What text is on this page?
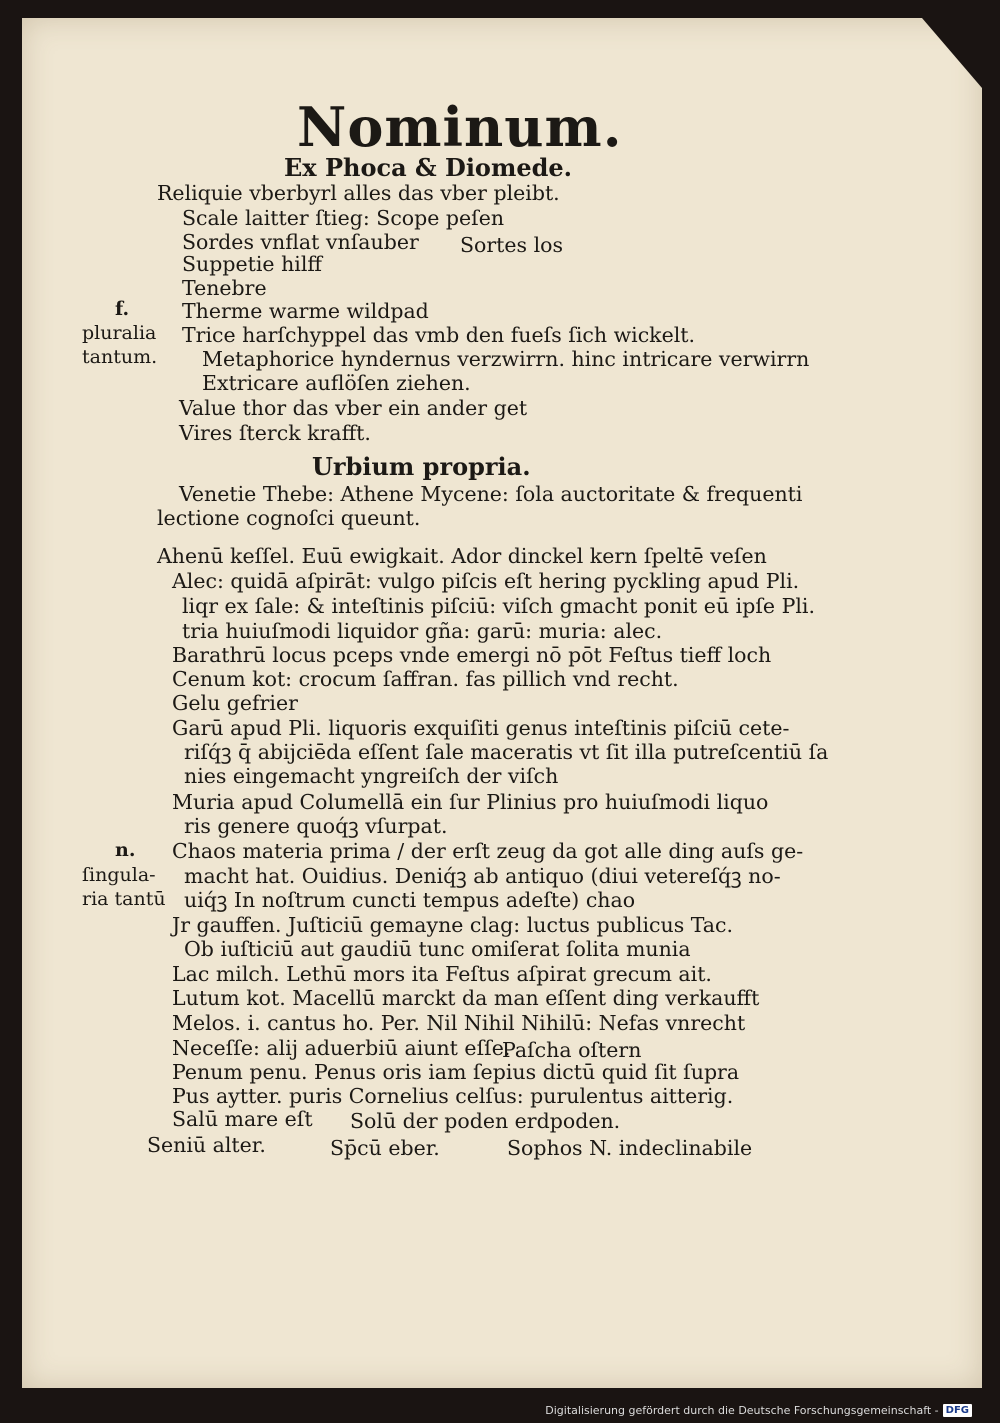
Nominum.
Ex Phoca & Diomede.
Reliquie vberbyrl alles das vber pleibt.
Scale laitter ſtieg: Scope peſen
Sordes vnflat vnſauber Sortes los
Suppetie hilff
Tenebre
f.	Therme warme wildpad
pluralia Trice harſchyppel das vmb den fueſs ſich wickelt.
tantum. Metaphorice hyndernus verzwirrn. hinc intricare verwirrn
Extricare auflöſen ziehen.
Value thor das vber ein ander get
Vires ſterck krafft.
Urbium propria.
Venetie Thebe: Athene Mycene: ſola auctoritate & frequenti
lectione cognoſci queunt.
Ahenū keſſel. Euū ewigkait. Ador dinckel kern ſpeltē veſen
Alec: quidā aſpirāt: vulgo piſcis eſt hering pyckling apud Pli.
liqr ex ſale: & inteſtinis piſciū: viſch gmacht ponit eū ipſe Pli.
tria huiuſmodi liquidor gña: garū: muria: alec.
Barathrū locus pceps vnde emergi nō pōt Feſtus tieff loch
Cenum kot: crocum ſaffran. fas pillich vnd recht.
Gelu gefrier
Garū apud Pli. liquoris exquiſiti genus inteſtinis piſciū cete-
riſq́ꝫ q̄ abijciēda eſſent ſale maceratis vt ſit illa putreſcentiū ſa
nies eingemacht yngreiſch der viſch
Muria apud Columellā ein ſur Plinius pro huiuſmodi liquo
ris genere quoq́ꝫ vſurpat.
n. Chaos materia prima / der erſt zeug da got alle ding auſs ge-
ſingula- macht hat. Ouidius. Deniq́ꝫ ab antiquo (diui vetereſq́ꝫ no-
ria tantū uiq́ꝫ In noſtrum cuncti tempus adeſte) chao
Jr gauffen. Juſticiū gemayne clag: luctus publicus Tac.
Ob iuſticiū aut gaudiū tunc omiſerat ſolita munia
Lac milch. Lethū mors ita Feſtus aſpirat grecum ait.
Lutum kot. Macellū marckt da man eſſent ding verkaufft
Melos. i. cantus ho. Per. Nil Nihil Nihilū: Nefas vnrecht
Neceſſe: alij aduerbiū aiunt eſſe.
Paſcha oſtern
Penum penu. Penus oris iam ſepius dictū quid ſit ſupra
Pus aytter. puris Cornelius celſus: purulentus aitterig.
Salū mare eſt Solū der poden erdpoden.
Seniū alter.	Sp̄cū eber.	Sophos N. indeclinabile
Digitalisierung gefördert durch die Deutsche Forschungsgemeinschaft - DFG
